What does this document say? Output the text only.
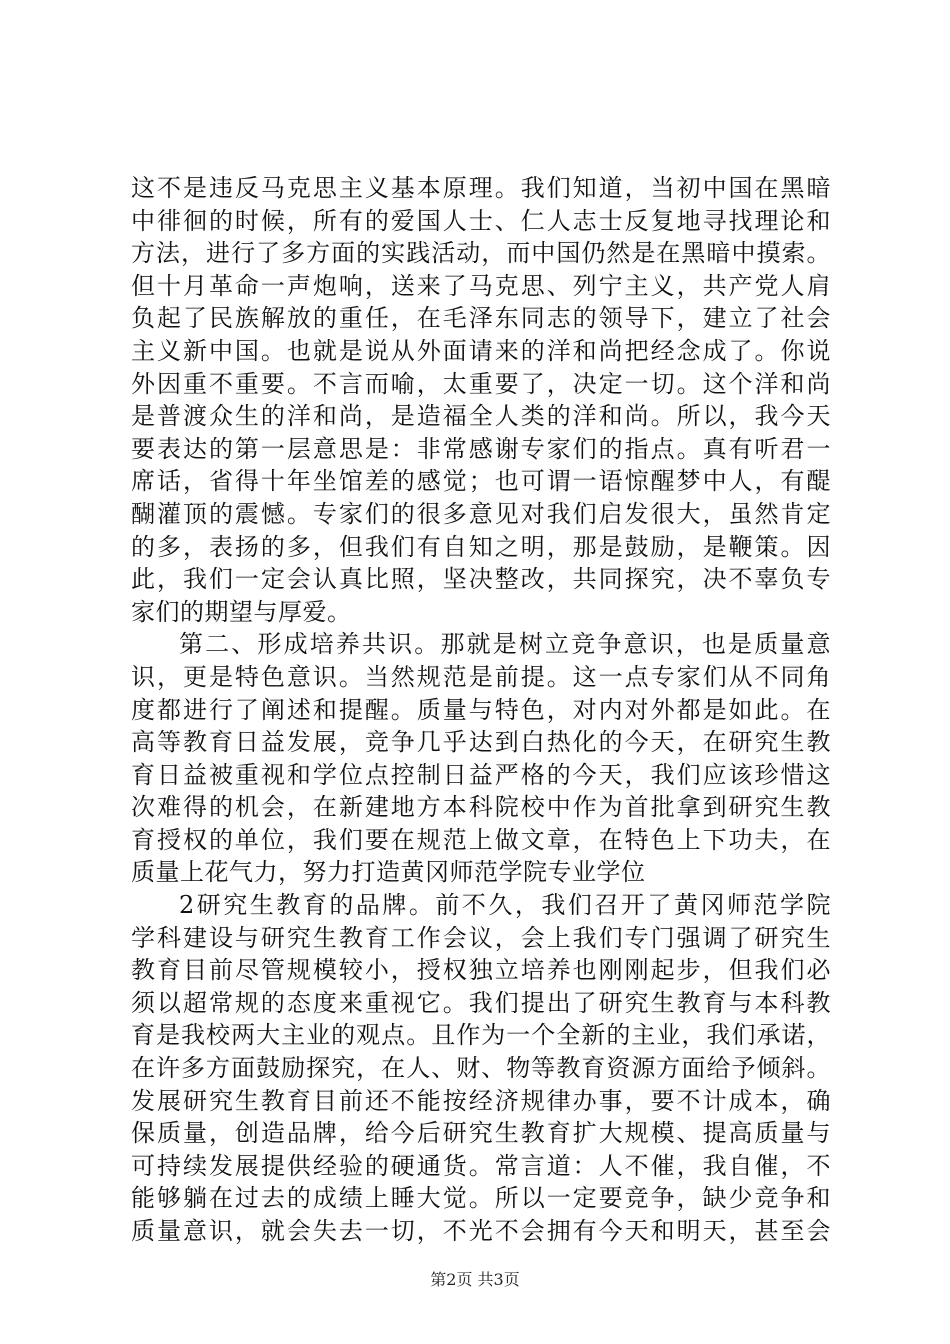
这不是违反马克思主义基本原理。我们知道，当初中国在黑暗
中徘徊的时候，所有的爱国人士、仁人志士反复地寻找理论和
方法，进行了多方面的实践活动，而中国仍然是在黑暗中摸索。
但十月革命一声炮响，送来了马克思、列宁主义，共产党人肩
负起了民族解放的重任，在毛泽东同志的领导下，建立了社会
主义新中国。也就是说从外面请来的洋和尚把经念成了。你说
外因重不重要。不言而喻，太重要了，决定一切。这个洋和尚
是普渡众生的洋和尚，是造福全人类的洋和尚。所以，我今天
要表达的第一层意思是：非常感谢专家们的指点。真有听君一
席话，省得十年坐馆差的感觉；也可谓一语惊醒梦中人，有醍
醐灌顶的震憾。专家们的很多意见对我们启发很大，虽然肯定
的多，表扬的多，但我们有自知之明，那是鼓励，是鞭策。因
此，我们一定会认真比照，坚决整改，共同探究，决不辜负专
家们的期望与厚爱。
第二、形成培养共识。那就是树立竞争意识，也是质量意
识，更是特色意识。当然规范是前提。这一点专家们从不同角
度都进行了阐述和提醒。质量与特色，对内对外都是如此。在
高等教育日益发展，竞争几乎达到白热化的今天，在研究生教
育日益被重视和学位点控制日益严格的今天，我们应该珍惜这
次难得的机会，在新建地方本科院校中作为首批拿到研究生教
育授权的单位，我们要在规范上做文章，在特色上下功夫，在
质量上花气力，努力打造黄冈师范学院专业学位
2研究生教育的品牌。前不久，我们召开了黄冈师范学院
学科建设与研究生教育工作会议，会上我们专门强调了研究生
教育目前尽管规模较小，授权独立培养也刚刚起步，但我们必
须以超常规的态度来重视它。我们提出了研究生教育与本科教
育是我校两大主业的观点。且作为一个全新的主业，我们承诺，
在许多方面鼓励探究，在人、财、物等教育资源方面给予倾斜。
发展研究生教育目前还不能按经济规律办事，要不计成本，确
保质量，创造品牌，给今后研究生教育扩大规模、提高质量与
可持续发展提供经验的硬通货。常言道：人不催，我自催，不
能够躺在过去的成绩上睡大觉。所以一定要竞争，缺少竞争和
质量意识，就会失去一切，不光不会拥有今天和明天，甚至会
第2页 共3页
